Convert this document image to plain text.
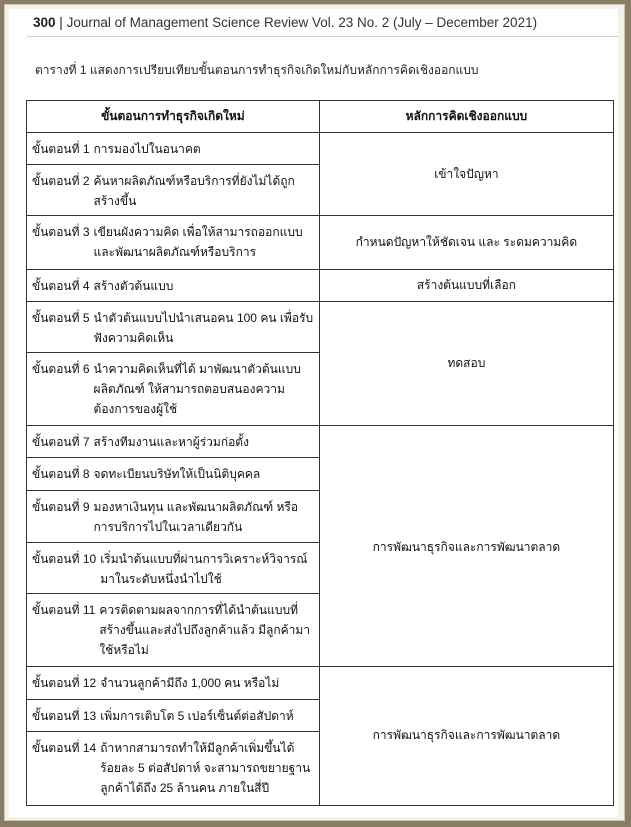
300 | Journal of Management Science Review Vol. 23 No. 2 (July – December 2021)
ตารางที่ 1 แสดงการเปรียบเทียบขั้นตอนการทำธุรกิจเกิดใหม่กับหลักการคิดเชิงออกแบบ
ขั้นตอนการทำธุรกิจเกิดใหม่	หลักการคิดเชิงออกแบบ

ขั้นตอนที่ 1 การมองไปในอนาคต	เข้าใจปัญหา

ขั้นตอนที่ 2 ค้นหาผลิตภัณฑ์หรือบริการที่ยังไม่ได้ถูกสร้างขึ้น	

ขั้นตอนที่ 3 เขียนผังความคิด เพื่อให้สามารถออกแบบและพัฒนาผลิตภัณฑ์หรือบริการ	กำหนดปัญหาให้ชัดเจน และ ระดมความคิด

ขั้นตอนที่ 4 สร้างตัวต้นแบบ	สร้างต้นแบบที่เลือก

ขั้นตอนที่ 5 นำตัวต้นแบบไปนำเสนอคน 100 คน เพื่อรับฟังความคิดเห็น	ทดสอบ

ขั้นตอนที่ 6 นำความคิดเห็นที่ได้ มาพัฒนาตัวต้นแบบผลิตภัณฑ์ ให้สามารถตอบสนองความต้องการของผู้ใช้	

ขั้นตอนที่ 7 สร้างทีมงานและหาผู้ร่วมก่อตั้ง	การพัฒนาธุรกิจและการพัฒนาตลาด

ขั้นตอนที่ 8 จดทะเบียนบริษัทให้เป็นนิติบุคคล	

ขั้นตอนที่ 9 มองหาเงินทุน และพัฒนาผลิตภัณฑ์ หรือการบริการไปในเวลาเดียวกัน	

ขั้นตอนที่ 10 เริ่มนำต้นแบบที่ผ่านการวิเคราะห์วิจารณ์มาในระดับหนึ่งนำไปใช้	

ขั้นตอนที่ 11 ควรติดตามผลจากการที่ได้นำต้นแบบที่สร้างขึ้นและส่งไปถึงลูกค้าแล้ว มีลูกค้ามาใช้หรือไม่	

ขั้นตอนที่ 12 จำนวนลูกค้ามีถึง 1,000 คน หรือไม่	การพัฒนาธุรกิจและการพัฒนาตลาด

ขั้นตอนที่ 13 เพิ่มการเติบโต 5 เปอร์เซ็นต์ต่อสัปดาห์	

ขั้นตอนที่ 14 ถ้าหากสามารถทำให้มีลูกค้าเพิ่มขึ้นได้ร้อยละ 5 ต่อสัปดาห์ จะสามารถขยายฐานลูกค้าได้ถึง 25 ล้านคน ภายในสี่ปี	
